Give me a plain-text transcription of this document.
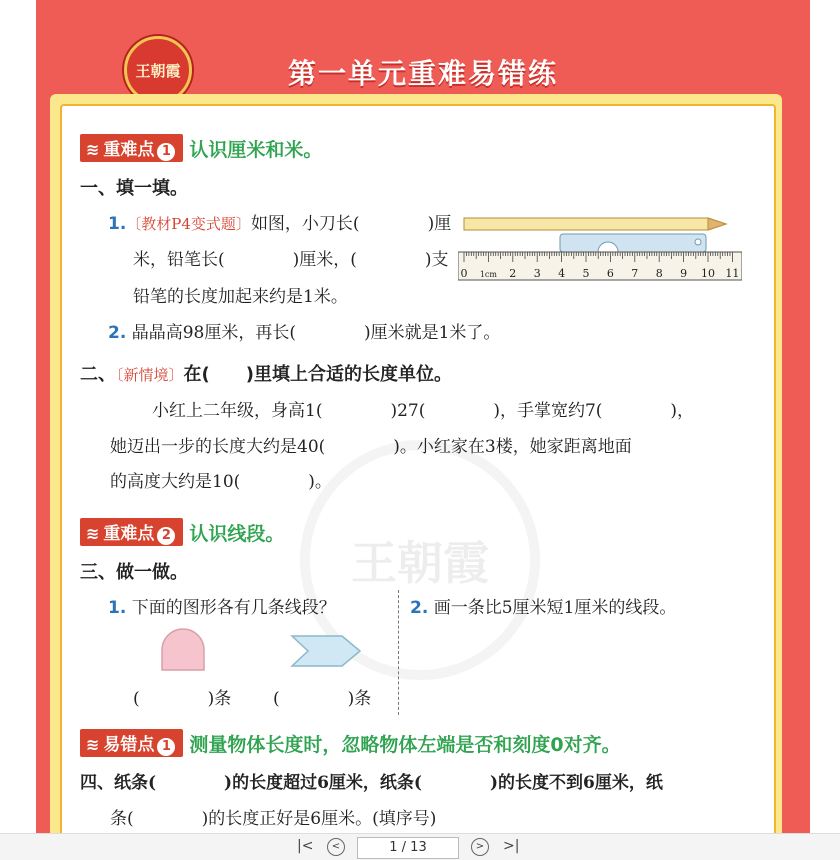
王朝霞	第一单元重难易错练
王朝霞
≋ 重难点 1 认识厘米和米。
一、填一填。
1.〔教材P4变式题〕如图，小刀长(　　　　)厘
米，铅笔长(　　　　)厘米，(　　　　)支
铅笔的长度加起来约是1米。
0 1cm 2 3 4 5 6 7 8 9 10 11
2. 晶晶高98厘米，再长(　　　　)厘米就是1米了。
二、〔新情境〕在(　　)里填上合适的长度单位。
小红上二年级，身高1(　　　　)27(　　　　)，手掌宽约7(　　　　)，
她迈出一步的长度大约是40(　　　　)。小红家在3楼，她家距离地面
的高度大约是10(　　　　)。
≋ 重难点 2 认识线段。
三、做一做。
1. 下面的图形各有几条线段？	2. 画一条比5厘米短1厘米的线段。
(　　　　)条 (　　　　)条
≋ 易错点 1 测量物体长度时，忽略物体左端是否和刻度0对齐。
四、纸条(　　　　)的长度超过6厘米，纸条(　　　　)的长度不到6厘米，纸
条(　　　　)的长度正好是6厘米。(填序号)
|<	<	1 / 13	>	>|
